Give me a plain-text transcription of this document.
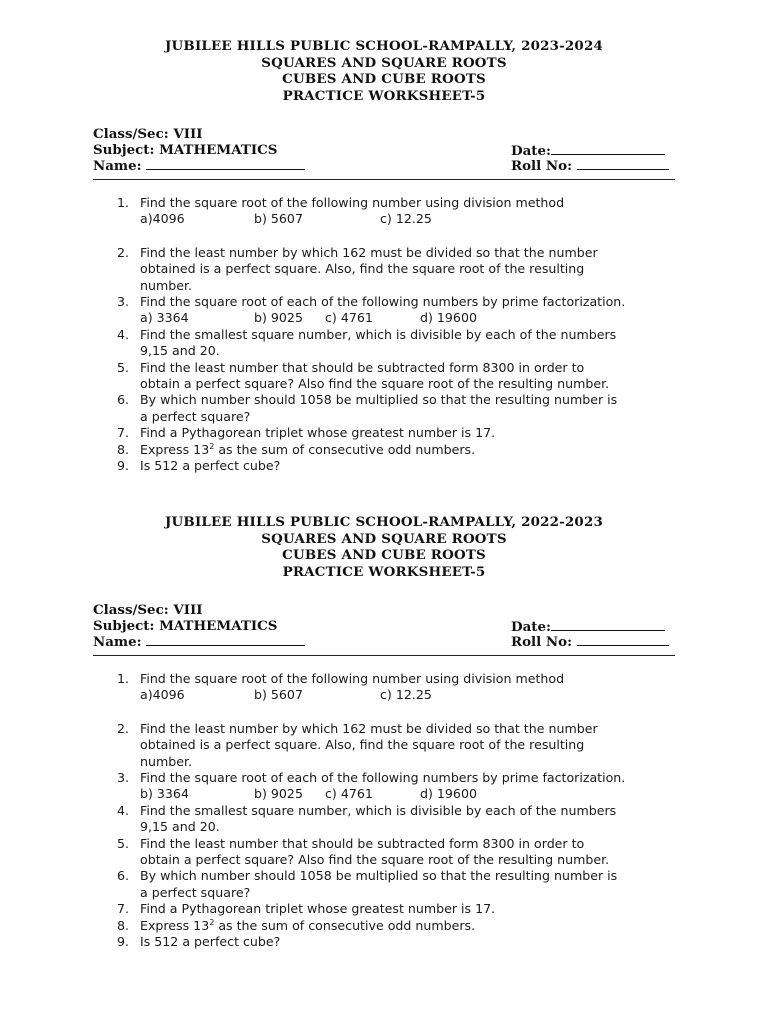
JUBILEE HILLS PUBLIC SCHOOL-RAMPALLY, 2023-2024
SQUARES AND SQUARE ROOTS
CUBES AND CUBE ROOTS
PRACTICE WORKSHEET-5
Class/Sec: VIII
Subject: MATHEMATICS	Date:
Name:	Roll No:
1. Find the square root of the following number using division method
a)4096	b) 5607	c) 12.25
2. Find the least number by which 162 must be divided so that the number
obtained is a perfect square. Also, find the square root of the resulting
number.
3. Find the square root of each of the following numbers by prime factorization.
a) 3364	b) 9025 c) 4761	d) 19600
4. Find the smallest square number, which is divisible by each of the numbers
9,15 and 20.
5. Find the least number that should be subtracted form 8300 in order to
obtain a perfect square? Also find the square root of the resulting number.
6. By which number should 1058 be multiplied so that the resulting number is
a perfect square?
7. Find a Pythagorean triplet whose greatest number is 17.
8. Express $13^2$ as the sum of consecutive odd numbers.
9. Is 512 a perfect cube?
JUBILEE HILLS PUBLIC SCHOOL-RAMPALLY, 2022-2023
SQUARES AND SQUARE ROOTS
CUBES AND CUBE ROOTS
PRACTICE WORKSHEET-5
Class/Sec: VIII
Subject: MATHEMATICS	Date:
Name:	Roll No:
1. Find the square root of the following number using division method
a)4096	b) 5607	c) 12.25
2. Find the least number by which 162 must be divided so that the number
obtained is a perfect square. Also, find the square root of the resulting
number.
3. Find the square root of each of the following numbers by prime factorization.
b) 3364	b) 9025 c) 4761	d) 19600
4. Find the smallest square number, which is divisible by each of the numbers
9,15 and 20.
5. Find the least number that should be subtracted form 8300 in order to
obtain a perfect square? Also find the square root of the resulting number.
6. By which number should 1058 be multiplied so that the resulting number is
a perfect square?
7. Find a Pythagorean triplet whose greatest number is 17.
8. Express $13^2$ as the sum of consecutive odd numbers.
9. Is 512 a perfect cube?
